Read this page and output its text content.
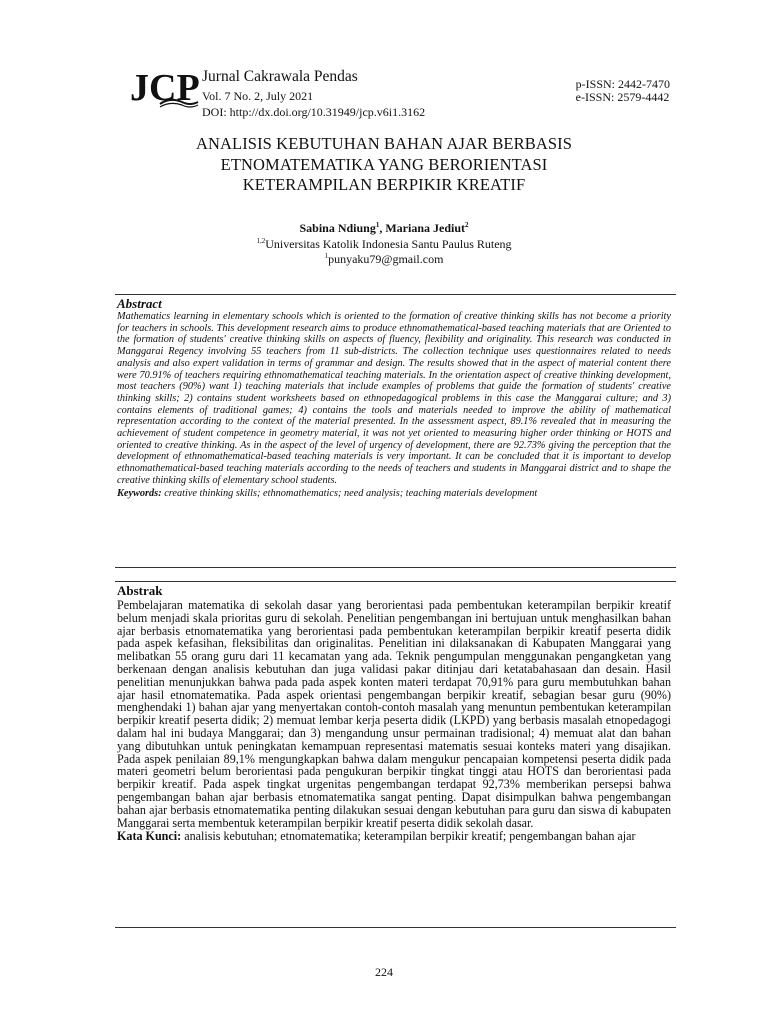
JCP Jurnal Cakrawala Pendas
Vol. 7 No. 2, July 2021
DOI: http://dx.doi.org/10.31949/jcp.v6i1.3162
p-ISSN: 2442-7470
e-ISSN: 2579-4442
ANALISIS KEBUTUHAN BAHAN AJAR BERBASIS
ETNOMATEMATIKA YANG BERORIENTASI
KETERAMPILAN BERPIKIR KREATIF
Sabina Ndiung$^1$, Mariana Jediut$^2$
$^{1,2}$Universitas Katolik Indonesia Santu Paulus Ruteng
$^1$punyaku79@gmail.com
Abstract

Mathematics learning in elementary schools which is oriented to the formation of creative thinking skills has not become a priority for teachers in schools. This development research aims to produce ethnomathematical-based teaching materials that are Oriented to the formation of students' creative thinking skills on aspects of fluency, flexibility and originality. This research was conducted in Manggarai Regency involving 55 teachers from 11 sub-districts. The collection technique uses questionnaires related to needs analysis and also expert validation in terms of grammar and design. The results showed that in the aspect of material content there were 70.91% of teachers requiring ethnomathematical teaching materials. In the orientation aspect of creative thinking development, most teachers (90%) want 1) teaching materials that include examples of problems that guide the formation of students' creative thinking skills; 2) contains student worksheets based on ethnopedagogical problems in this case the Manggarai culture; and 3) contains elements of traditional games; 4) contains the tools and materials needed to improve the ability of mathematical representation according to the context of the material presented. In the assessment aspect, 89.1% revealed that in measuring the achievement of student competence in geometry material, it was not yet oriented to measuring higher order thinking or HOTS and oriented to creative thinking. As in the aspect of the level of urgency of development, there are 92.73% giving the perception that the development of ethnomathematical-based teaching materials is very important. It can be concluded that it is important to develop ethnomathematical-based teaching materials according to the needs of teachers and students in Manggarai district and to shape the creative thinking skills of elementary school students.

Keywords: creative thinking skills; ethnomathematics; need analysis; teaching materials development
Abstrak

Pembelajaran matematika di sekolah dasar yang berorientasi pada pembentukan keterampilan berpikir kreatif belum menjadi skala prioritas guru di sekolah. Penelitian pengembangan ini bertujuan untuk menghasilkan bahan ajar berbasis etnomatematika yang berorientasi pada pembentukan keterampilan berpikir kreatif peserta didik pada aspek kefasihan, fleksibilitas dan originalitas. Penelitian ini dilaksanakan di Kabupaten Manggarai yang melibatkan 55 orang guru dari 11 kecamatan yang ada. Teknik pengumpulan menggunakan pengangketan yang berkenaan dengan analisis kebutuhan dan juga validasi pakar ditinjau dari ketatabahasaan dan desain. Hasil penelitian menunjukkan bahwa pada pada aspek konten materi terdapat 70,91% para guru membutuhkan bahan ajar hasil etnomatematika. Pada aspek orientasi pengembangan berpikir kreatif, sebagian besar guru (90%) menghendaki 1) bahan ajar yang menyertakan contoh-contoh masalah yang menuntun pembentukan keterampilan berpikir kreatif peserta didik; 2) memuat lembar kerja peserta didik (LKPD) yang berbasis masalah etnopedagogi dalam hal ini budaya Manggarai; dan 3) mengandung unsur permainan tradisional; 4) memuat alat dan bahan yang dibutuhkan untuk peningkatan kemampuan representasi matematis sesuai konteks materi yang disajikan. Pada aspek penilaian 89,1% mengungkapkan bahwa dalam mengukur pencapaian kompetensi peserta didik pada materi geometri belum berorientasi pada pengukuran berpikir tingkat tinggi atau HOTS dan berorientasi pada berpikir kreatif. Pada aspek tingkat urgenitas pengembangan terdapat 92,73% memberikan persepsi bahwa pengembangan bahan ajar berbasis etnomatematika sangat penting. Dapat disimpulkan bahwa pengembangan bahan ajar berbasis etnomatematika penting dilakukan sesuai dengan kebutuhan para guru dan siswa di kabupaten Manggarai serta membentuk keterampilan berpikir kreatif peserta didik sekolah dasar.

Kata Kunci: analisis kebutuhan; etnomatematika; keterampilan berpikir kreatif; pengembangan bahan ajar
224
